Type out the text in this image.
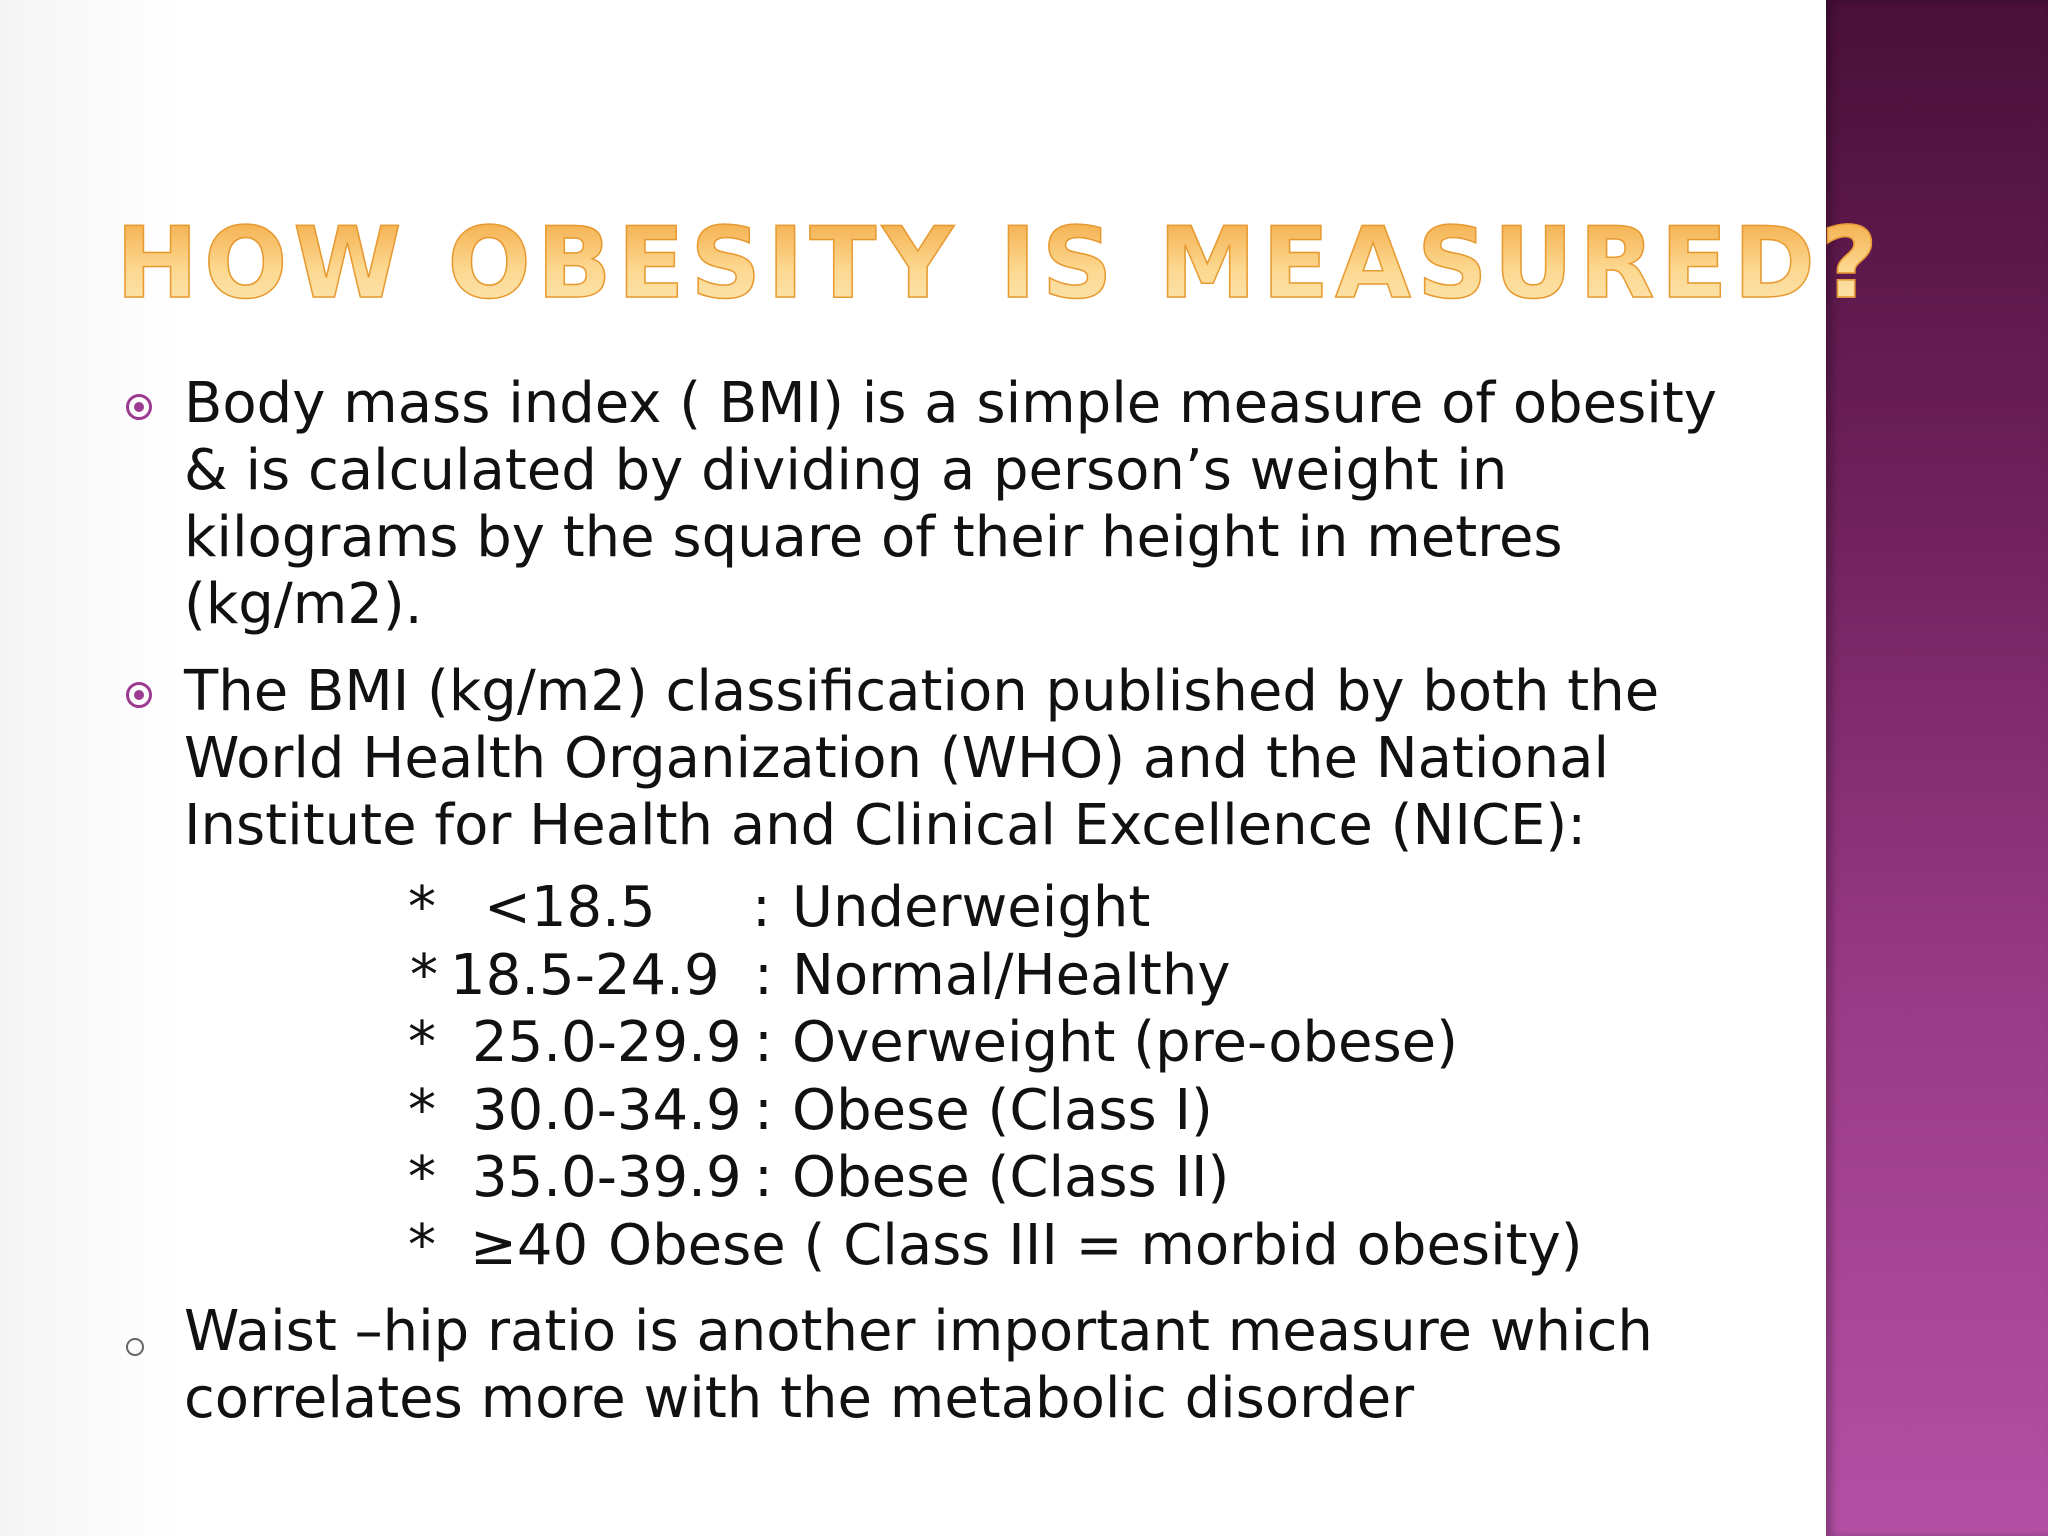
HOW OBESITY IS MEASURED?

Body mass index ( BMI) is a simple measure of obesity
& is calculated by dividing a person’s weight in
kilograms by the square of their height in metres
(kg/m2).

The BMI (kg/m2) classification published by both the
World Health Organization (WHO) and the National
Institute for Health and Clinical Excellence (NICE):

* <18.5 : Underweight
* 18.5-24.9 : Normal/Healthy
* 25.0-29.9 : Overweight (pre-obese)
* 30.0-34.9 : Obese (Class I)
* 35.0-39.9 : Obese (Class II)
* ≥40 Obese ( Class III = morbid obesity)

Waist –hip ratio is another important measure which
correlates more with the metabolic disorder
